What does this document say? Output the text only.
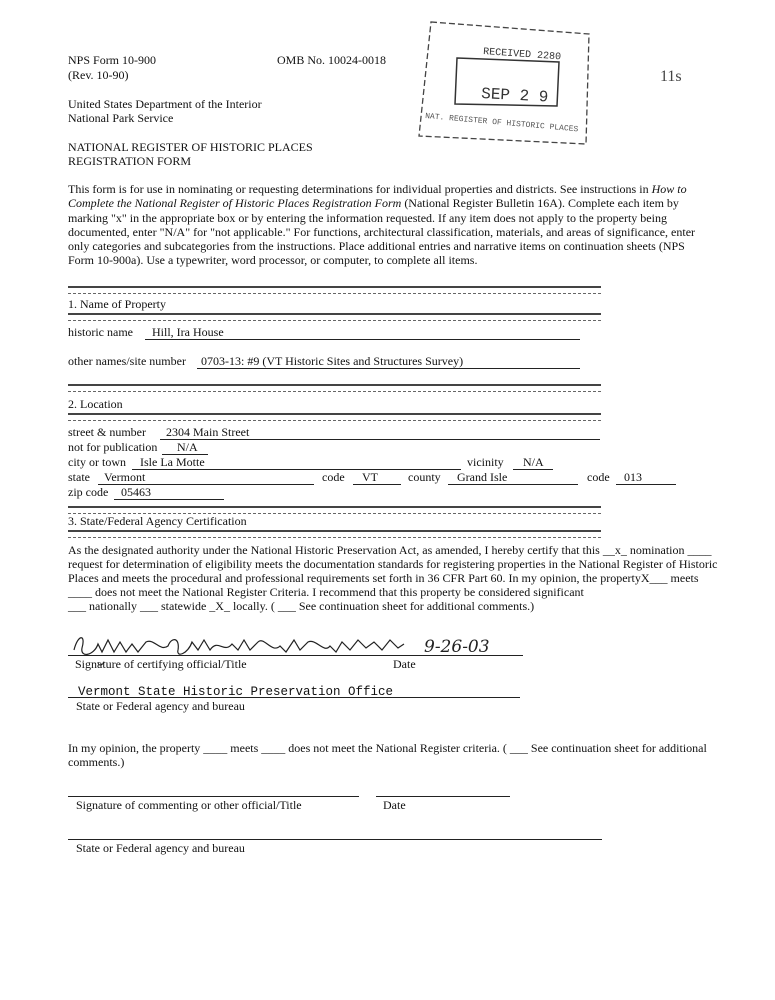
NPS Form 10-900
(Rev. 10-90)
OMB No. 10024-0018
United States Department of the Interior
National Park Service
NATIONAL REGISTER OF HISTORIC PLACES
REGISTRATION FORM
RECEIVED 2280
SEP 2 9
NAT. REGISTER OF HISTORIC PLACES
11s
This form is for use in nominating or requesting determinations for individual properties and districts. See instructions in How to Complete the National Register of Historic Places Registration Form (National Register Bulletin 16A). Complete each item by marking "x" in the appropriate box or by entering the information requested. If any item does not apply to the property being documented, enter "N/A" for "not applicable." For functions, architectural classification, materials, and areas of significance, enter only categories and subcategories from the instructions. Place additional entries and narrative items on continuation sheets (NPS Form 10-900a). Use a typewriter, word processor, or computer, to complete all items.
1. Name of Property
historic name Hill, Ira House
other names/site number 0703-13: #9 (VT Historic Sites and Structures Survey)
2. Location
street & number 2304 Main Street
not for publication N/A
city or town Isle La Motte	vicinity N/A
state Vermont	code VT	county Grand Isle	code 013
zip code 05463
3. State/Federal Agency Certification
As the designated authority under the National Historic Preservation Act, as amended, I hereby certify that this __x_ nomination ____
request for determination of eligibility meets the documentation standards for registering properties in the National Register of Historic
Places and meets the procedural and professional requirements set forth in 36 CFR Part 60. In my opinion, the propertyX___ meets
____ does not meet the National Register Criteria. I recommend that this property be considered significant
___ nationally ___ statewide _X_ locally. ( ___ See continuation sheet for additional comments.)
9-26-03
Signature of certifying official/Title	Date
Vermont State Historic Preservation Office
State or Federal agency and bureau
In my opinion, the property ____ meets ____ does not meet the National Register criteria. ( ___ See continuation sheet for additional
comments.)
Signature of commenting or other official/Title	Date
State or Federal agency and bureau
